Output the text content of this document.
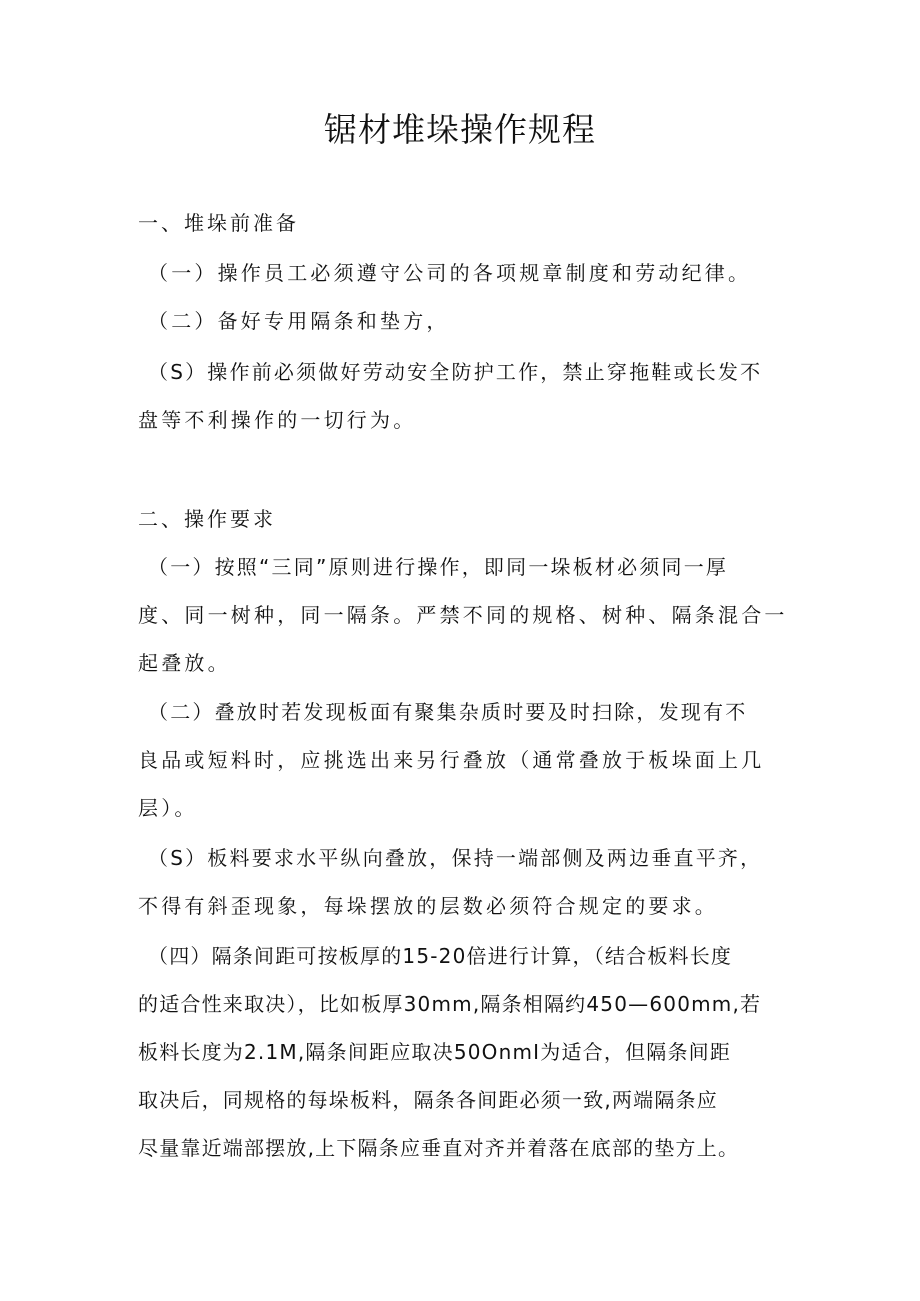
锯材堆垛操作规程
一、堆垛前准备
（一）操作员工必须遵守公司的各项规章制度和劳动纪律。
（二）备好专用隔条和垫方，
（S）操作前必须做好劳动安全防护工作，禁止穿拖鞋或长发不
盘等不利操作的一切行为。
二、操作要求
（一）按照“三同”原则进行操作，即同一垛板材必须同一厚
度、同一树种，同一隔条。严禁不同的规格、树种、隔条混合一
起叠放。
（二）叠放时若发现板面有聚集杂质时要及时扫除，发现有不
良品或短料时，应挑选出来另行叠放（通常叠放于板垛面上几
层）。
（S）板料要求水平纵向叠放，保持一端部侧及两边垂直平齐，
不得有斜歪现象，每垛摆放的层数必须符合规定的要求。
（四）隔条间距可按板厚的15-20倍进行计算，（结合板料长度
的适合性来取决），比如板厚30mm,隔条相隔约450—600mm,若
板料长度为2.1M,隔条间距应取决50OnmI为适合，但隔条间距
取决后，同规格的每垛板料，隔条各间距必须一致,两端隔条应
尽量靠近端部摆放,上下隔条应垂直对齐并着落在底部的垫方上。
